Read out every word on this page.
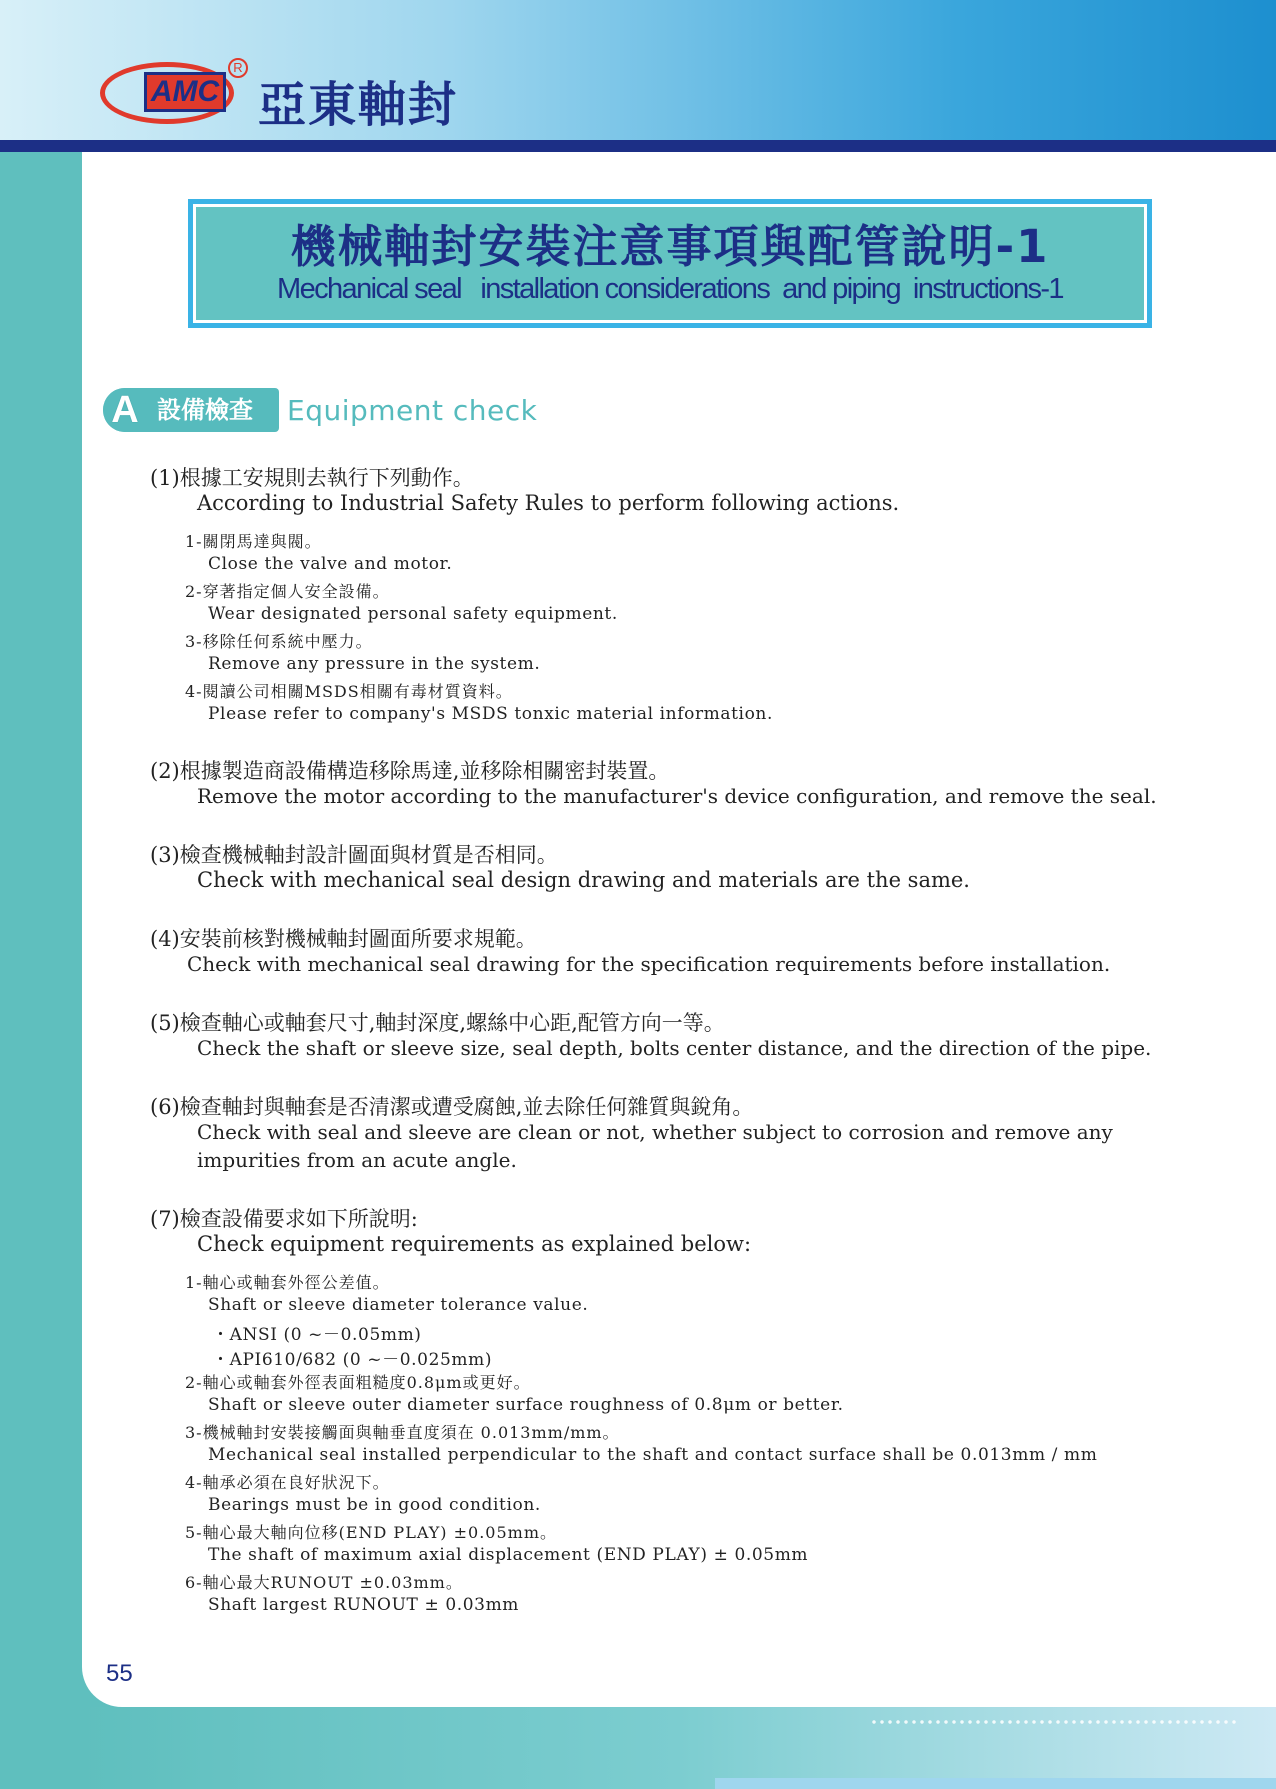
AMC
R
亞東軸封
機械軸封安裝注意事項與配管說明-1
Mechanical seal   installation considerations  and piping  instructions-1
A 設備檢查 Equipment check
(1)根據工安規則去執行下列動作。
According to Industrial Safety Rules to perform following actions.
1-關閉馬達與閥。
Close the valve and motor.
2-穿著指定個人安全設備。
Wear designated personal safety equipment.
3-移除任何系統中壓力。
Remove any pressure in the system.
4-閱讀公司相關MSDS相關有毒材質資料。
Please refer to company's MSDS tonxic material information.
(2)根據製造商設備構造移除馬達,並移除相關密封裝置。
Remove the motor according to the manufacturer's device configuration, and remove the seal.
(3)檢查機械軸封設計圖面與材質是否相同。
Check with mechanical seal design drawing and materials are the same.
(4)安裝前核對機械軸封圖面所要求規範。
Check with mechanical seal drawing for the specification requirements before installation.
(5)檢查軸心或軸套尺寸,軸封深度,螺絲中心距,配管方向一等。
Check the shaft or sleeve size, seal depth, bolts center distance, and the direction of the pipe.
(6)檢查軸封與軸套是否清潔或遭受腐蝕,並去除任何雜質與銳角。
Check with seal and sleeve are clean or not, whether subject to corrosion and remove any
impurities from an acute angle.
(7)檢查設備要求如下所說明:
Check equipment requirements as explained below:
1-軸心或軸套外徑公差值。
Shaft or sleeve diameter tolerance value.
・ANSI (0 ~－0.05mm)
・API610/682 (0 ~－0.025mm)
2-軸心或軸套外徑表面粗糙度0.8μm或更好。
Shaft or sleeve outer diameter surface roughness of 0.8μm or better.
3-機械軸封安裝接觸面與軸垂直度須在 0.013mm/mm。
Mechanical seal installed perpendicular to the shaft and contact surface shall be 0.013mm / mm
4-軸承必須在良好狀況下。
Bearings must be in good condition.
5-軸心最大軸向位移(END PLAY) ±0.05mm。
The shaft of maximum axial displacement (END PLAY) ± 0.05mm
6-軸心最大RUNOUT ±0.03mm。
Shaft largest RUNOUT ± 0.03mm
55
